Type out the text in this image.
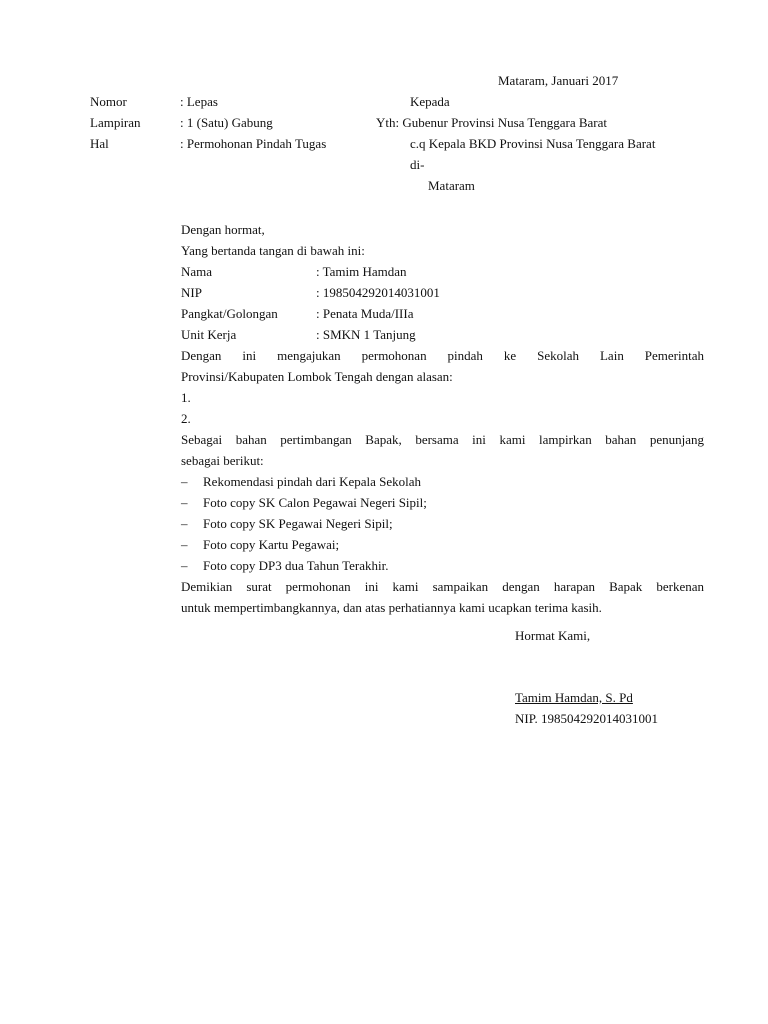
Mataram, Januari 2017
Nomor	: Lepas
Lampiran	: 1 (Satu) Gabung
Hal	: Permohonan Pindah Tugas
Kepada
Yth: Gubenur Provinsi Nusa Tenggara Barat
c.q Kepala BKD Provinsi Nusa Tenggara Barat
di-
Mataram
Dengan hormat,
Yang bertanda tangan di bawah ini:
Nama	: Tamim Hamdan
NIP	: 198504292014031001
Pangkat/Golongan	: Penata Muda/IIIa
Unit Kerja	: SMKN 1 Tanjung
Dengan ini mengajukan permohonan pindah ke Sekolah Lain Pemerintah
Provinsi/Kabupaten Lombok Tengah dengan alasan:
1.
2.
Sebagai bahan pertimbangan Bapak, bersama ini kami lampirkan bahan penunjang
sebagai berikut:
– Rekomendasi pindah dari Kepala Sekolah
– Foto copy SK Calon Pegawai Negeri Sipil;
– Foto copy SK Pegawai Negeri Sipil;
– Foto copy Kartu Pegawai;
– Foto copy DP3 dua Tahun Terakhir.
Demikian surat permohonan ini kami sampaikan dengan harapan Bapak berkenan
untuk mempertimbangkannya, dan atas perhatiannya kami ucapkan terima kasih.
Hormat Kami,
Tamim Hamdan, S. Pd
NIP. 198504292014031001
